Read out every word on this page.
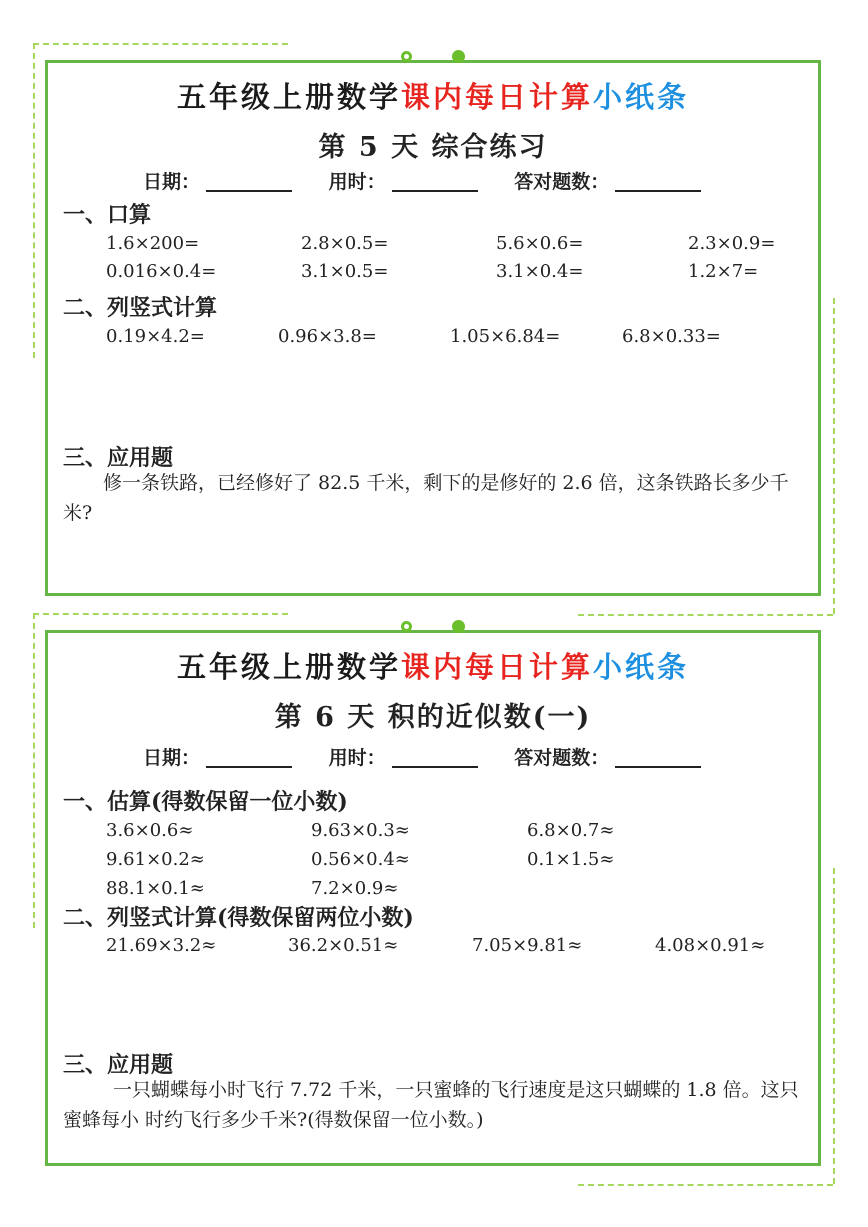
五年级上册数学课内每日计算小纸条
第 5 天 综合练习
日期：	用时：	答对题数：
一、口算
1.6×200=	2.8×0.5=	5.6×0.6=	2.3×0.9=
0.016×0.4=	3.1×0.5=	3.1×0.4=	1.2×7=
二、列竖式计算
0.19×4.2=	0.96×3.8=	1.05×6.84=	6.8×0.33=
三、应用题
修一条铁路，已经修好了 82.5 千米，剩下的是修好的 2.6 倍，这条铁路长多少千米?
五年级上册数学课内每日计算小纸条
第 6 天 积的近似数(一)
日期：	用时：	答对题数：
一、估算(得数保留一位小数)
3.6×0.6≈	9.63×0.3≈	6.8×0.7≈
9.61×0.2≈	0.56×0.4≈	0.1×1.5≈
88.1×0.1≈	7.2×0.9≈
二、列竖式计算(得数保留两位小数)
21.69×3.2≈	36.2×0.51≈	7.05×9.81≈	4.08×0.91≈
三、应用题
一只蝴蝶每小时飞行 7.72 千米，一只蜜蜂的飞行速度是这只蝴蝶的 1.8 倍。这只蜜蜂每小 时约飞行多少千米?(得数保留一位小数。)
